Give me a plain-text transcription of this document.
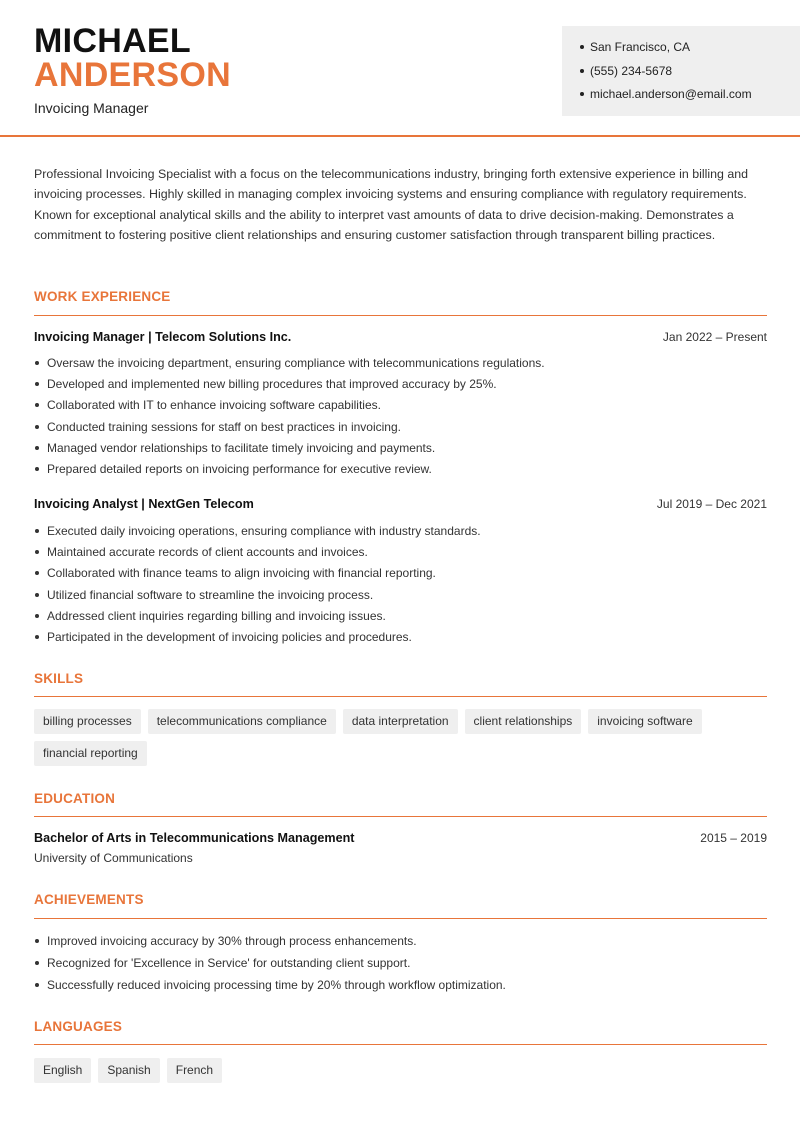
MICHAEL
ANDERSON
Invoicing Manager
San Francisco, CA
(555) 234-5678
michael.anderson@email.com

Professional Invoicing Specialist with a focus on the telecommunications industry, bringing forth extensive experience in billing and invoicing processes. Highly skilled in managing complex invoicing systems and ensuring compliance with regulatory requirements. Known for exceptional analytical skills and the ability to interpret vast amounts of data to drive decision-making. Demonstrates a commitment to fostering positive client relationships and ensuring customer satisfaction through transparent billing practices.

WORK EXPERIENCE
Invoicing Manager | Telecom Solutions Inc.	Jan 2022 – Present
Oversaw the invoicing department, ensuring compliance with telecommunications regulations.
Developed and implemented new billing procedures that improved accuracy by 25%.
Collaborated with IT to enhance invoicing software capabilities.
Conducted training sessions for staff on best practices in invoicing.
Managed vendor relationships to facilitate timely invoicing and payments.
Prepared detailed reports on invoicing performance for executive review.
Invoicing Analyst | NextGen Telecom	Jul 2019 – Dec 2021
Executed daily invoicing operations, ensuring compliance with industry standards.
Maintained accurate records of client accounts and invoices.
Collaborated with finance teams to align invoicing with financial reporting.
Utilized financial software to streamline the invoicing process.
Addressed client inquiries regarding billing and invoicing issues.
Participated in the development of invoicing policies and procedures.
SKILLS
billing processes	telecommunications compliance	data interpretation	client relationships	invoicing software
financial reporting
EDUCATION
Bachelor of Arts in Telecommunications Management	2015 – 2019
University of Communications
ACHIEVEMENTS
Improved invoicing accuracy by 30% through process enhancements.
Recognized for 'Excellence in Service' for outstanding client support.
Successfully reduced invoicing processing time by 20% through workflow optimization.
LANGUAGES
English	Spanish	French
